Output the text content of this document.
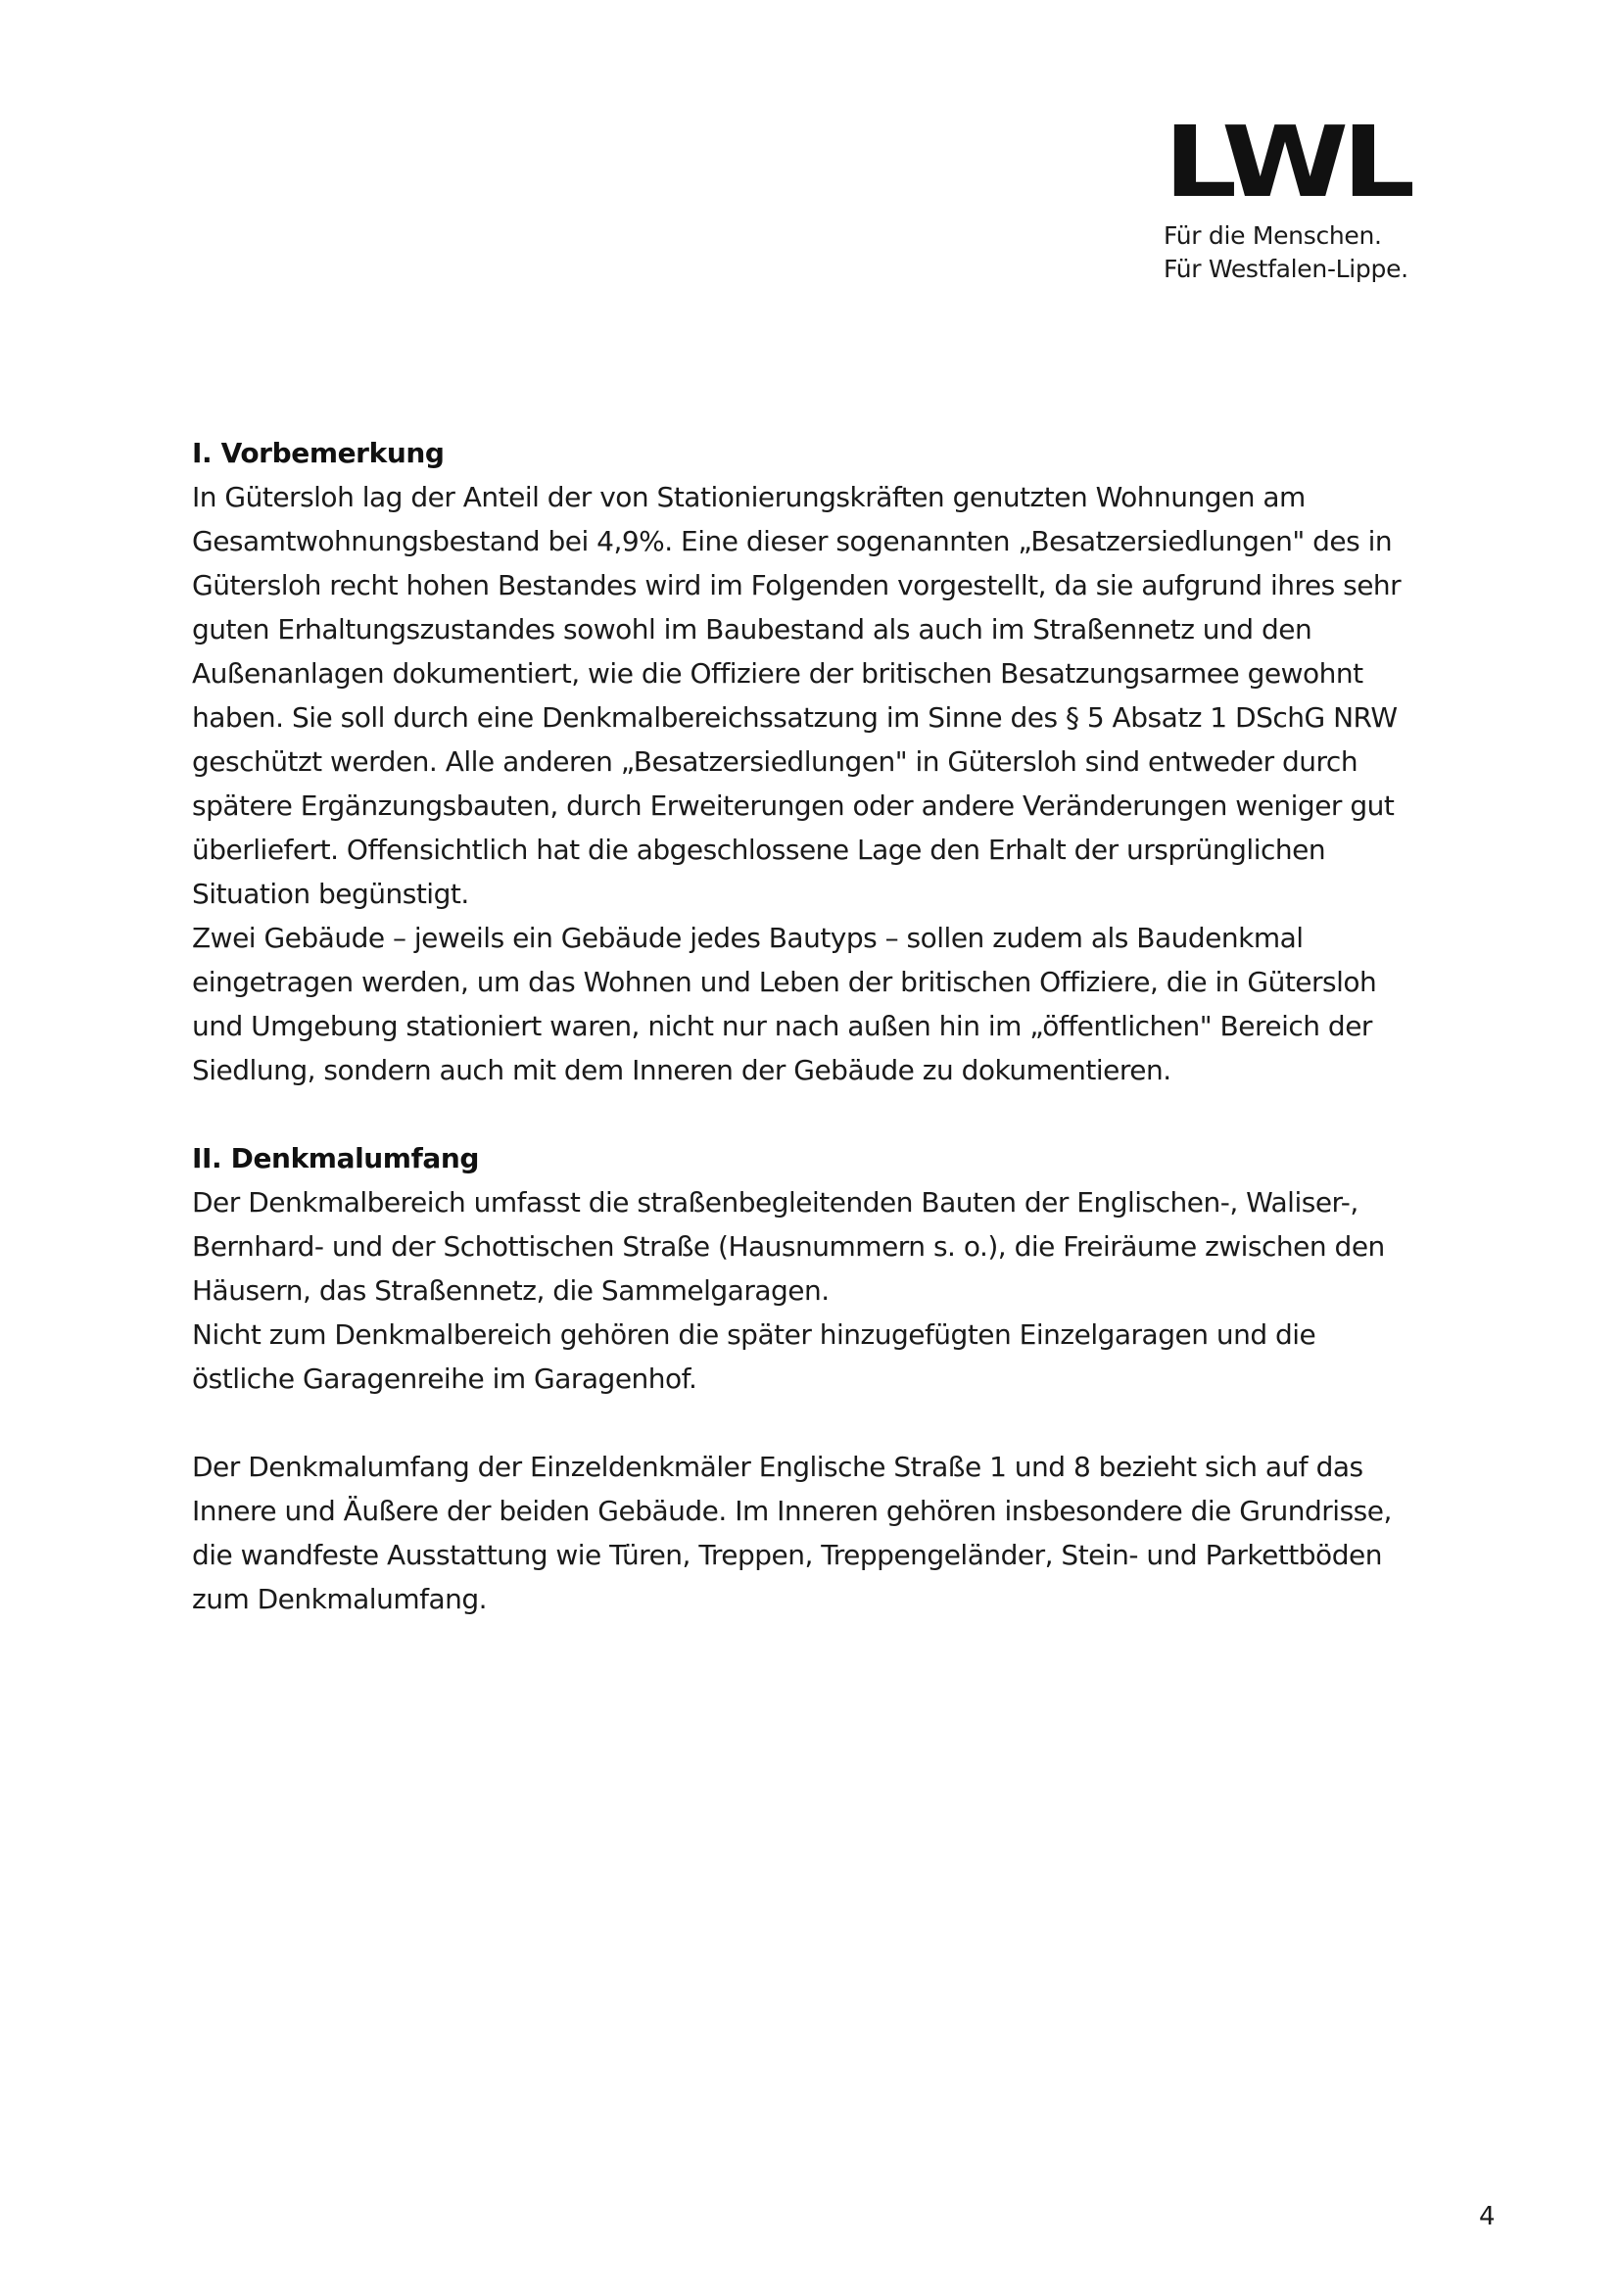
LWL
Für die Menschen.
Für Westfalen-Lippe.
I. Vorbemerkung
In Gütersloh lag der Anteil der von Stationierungskräften genutzten Wohnungen am
Gesamtwohnungsbestand bei 4,9%. Eine dieser sogenannten „Besatzersiedlungen" des in
Gütersloh recht hohen Bestandes wird im Folgenden vorgestellt, da sie aufgrund ihres sehr
guten Erhaltungszustandes sowohl im Baubestand als auch im Straßennetz und den
Außenanlagen dokumentiert, wie die Offiziere der britischen Besatzungsarmee gewohnt
haben. Sie soll durch eine Denkmalbereichssatzung im Sinne des § 5 Absatz 1 DSchG NRW
geschützt werden. Alle anderen „Besatzersiedlungen" in Gütersloh sind entweder durch
spätere Ergänzungsbauten, durch Erweiterungen oder andere Veränderungen weniger gut
überliefert. Offensichtlich hat die abgeschlossene Lage den Erhalt der ursprünglichen
Situation begünstigt.
Zwei Gebäude – jeweils ein Gebäude jedes Bautyps – sollen zudem als Baudenkmal
eingetragen werden, um das Wohnen und Leben der britischen Offiziere, die in Gütersloh
und Umgebung stationiert waren, nicht nur nach außen hin im „öffentlichen" Bereich der
Siedlung, sondern auch mit dem Inneren der Gebäude zu dokumentieren.
II. Denkmalumfang
Der Denkmalbereich umfasst die straßenbegleitenden Bauten der Englischen-, Waliser-,
Bernhard- und der Schottischen Straße (Hausnummern s. o.), die Freiräume zwischen den
Häusern, das Straßennetz, die Sammelgaragen.
Nicht zum Denkmalbereich gehören die später hinzugefügten Einzelgaragen und die
östliche Garagenreihe im Garagenhof.
Der Denkmalumfang der Einzeldenkmäler Englische Straße 1 und 8 bezieht sich auf das
Innere und Äußere der beiden Gebäude. Im Inneren gehören insbesondere die Grundrisse,
die wandfeste Ausstattung wie Türen, Treppen, Treppengeländer, Stein- und Parkettböden
zum Denkmalumfang.
4
